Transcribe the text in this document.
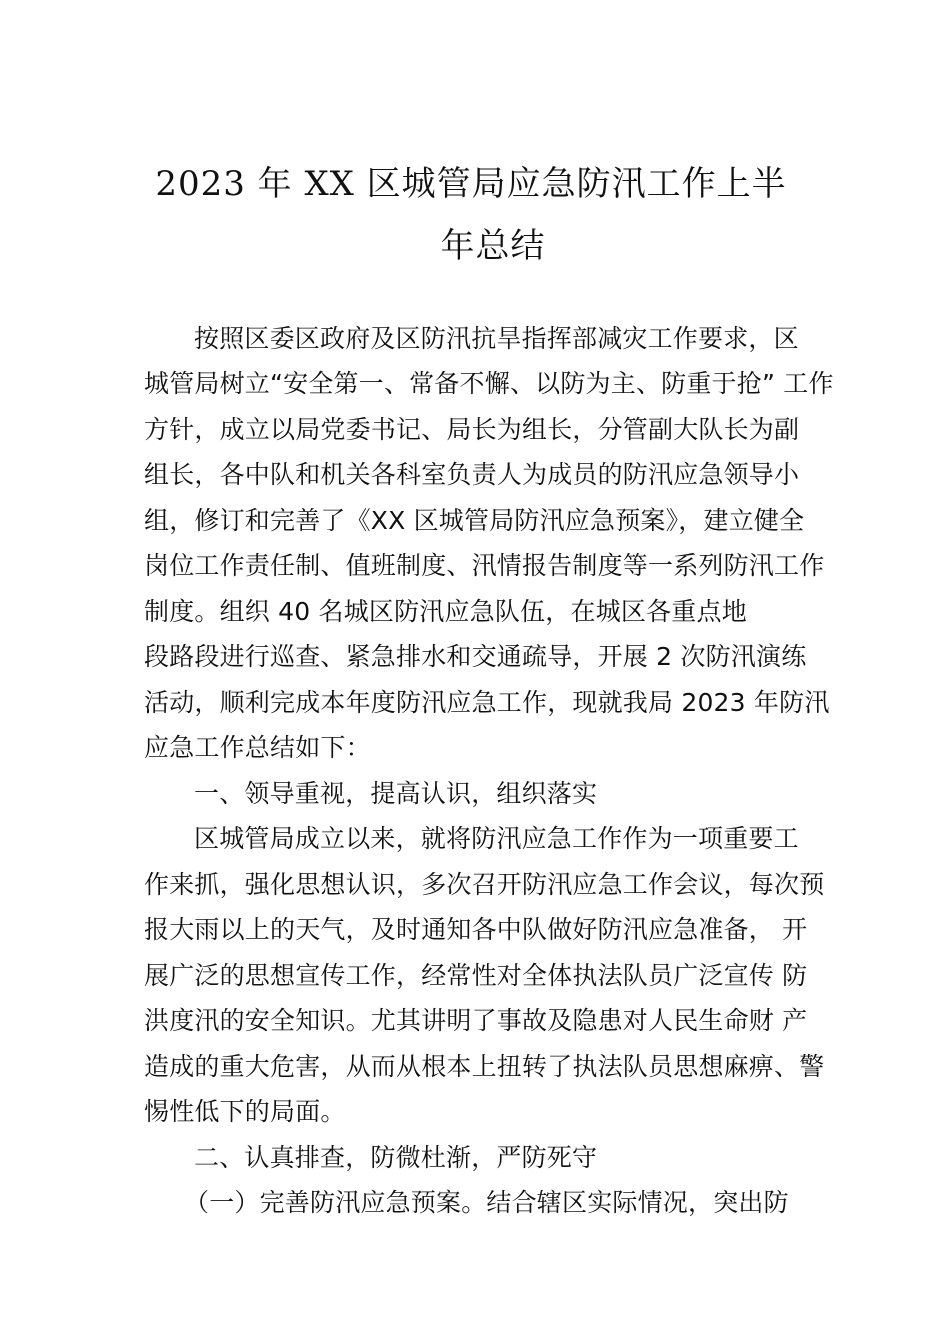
2023 年 XX 区城管局应急防汛工作上半
年总结
按照区委区政府及区防汛抗旱指挥部减灾工作要求，区
城管局树立“安全第一、常备不懈、以防为主、防重于抢” 工作
方针，成立以局党委书记、局长为组长，分管副大队长为副
组长，各中队和机关各科室负责人为成员的防汛应急领导小
组，修订和完善了《XX 区城管局防汛应急预案》，建立健全
岗位工作责任制、值班制度、汛情报告制度等一系列防汛工作
制度。组织 40 名城区防汛应急队伍，在城区各重点地
段路段进行巡查、紧急排水和交通疏导，开展 2 次防汛演练
活动，顺利完成本年度防汛应急工作，现就我局 2023 年防汛
应急工作总结如下：
一、领导重视，提高认识，组织落实
区城管局成立以来，就将防汛应急工作作为一项重要工
作来抓，强化思想认识，多次召开防汛应急工作会议，每次预
报大雨以上的天气，及时通知各中队做好防汛应急准备， 开
展广泛的思想宣传工作，经常性对全体执法队员广泛宣传 防
洪度汛的安全知识。尤其讲明了事故及隐患对人民生命财 产
造成的重大危害，从而从根本上扭转了执法队员思想麻痹、警
惕性低下的局面。
二、认真排查，防微杜渐，严防死守
（一）完善防汛应急预案。结合辖区实际情况，突出防
